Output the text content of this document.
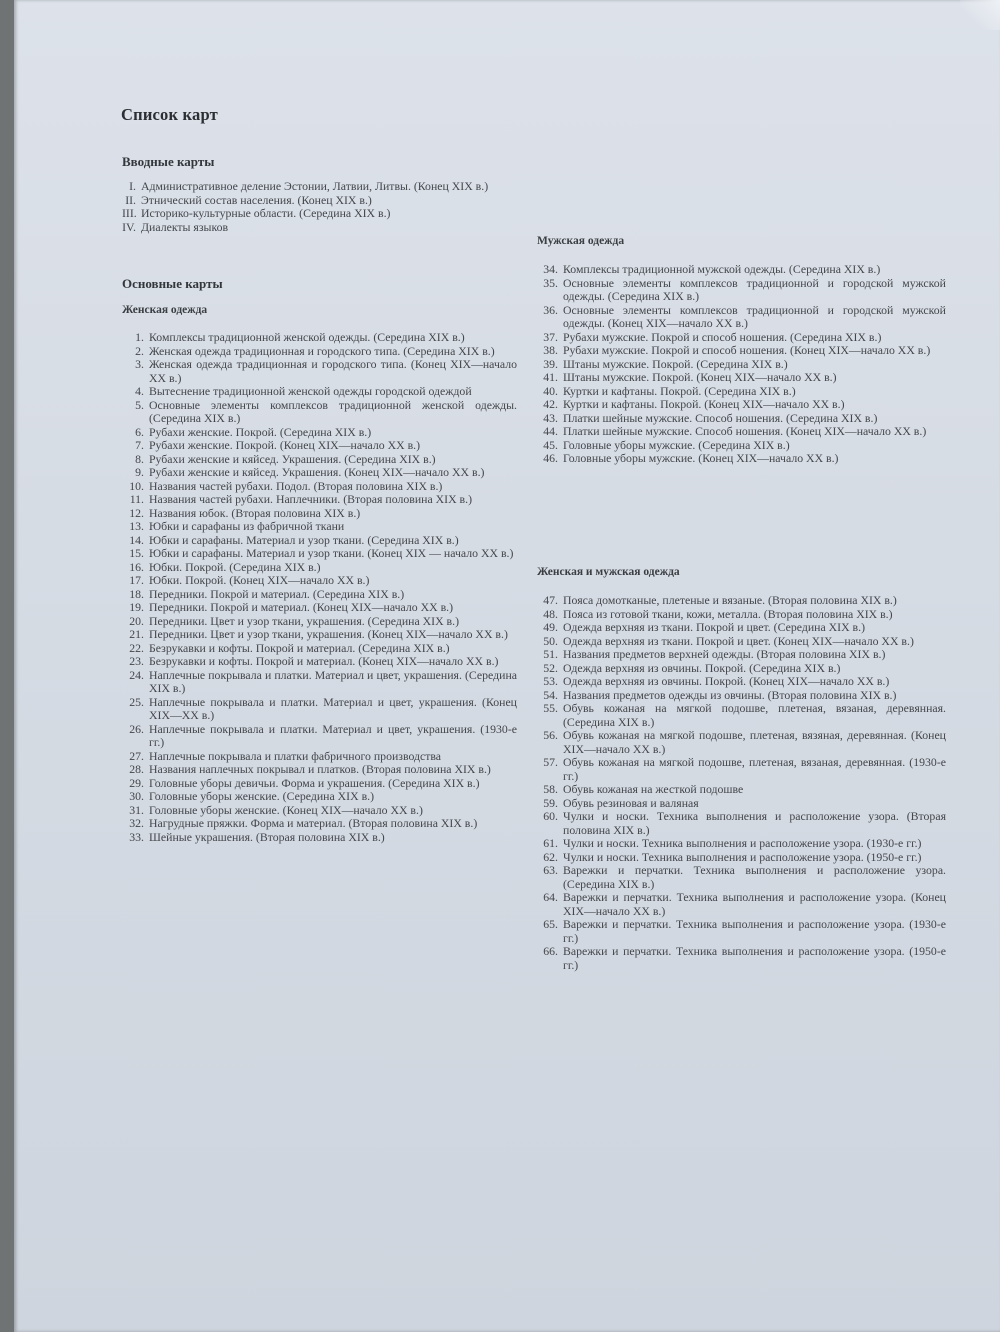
Список карт
Вводные карты
I. Административное деление Эстонии, Латвии, Литвы. (Конец XIX в.)
II. Этнический состав населения. (Конец XIX в.)
III. Историко-культурные области. (Середина XIX в.)
IV. Диалекты языков
Основные карты
Женская одежда
1. Комплексы традиционной женской одежды. (Середина XIX в.)
2. Женская одежда традиционная и городского типа. (Середина XIX в.)
3. Женская одежда традиционная и городского типа. (Конец XIX—начало XX в.)
4. Вытеснение традиционной женской одежды городской одеждой
5. Основные элементы комплексов традиционной женской одежды. (Середина XIX в.)
6. Рубахи женские. Покрой. (Середина XIX в.)
7. Рубахи женские. Покрой. (Конец XIX—начало XX в.)
8. Рубахи женские и кяйсед. Украшения. (Середина XIX в.)
9. Рубахи женские и кяйсед. Украшения. (Конец XIX—начало XX в.)
10. Названия частей рубахи. Подол. (Вторая половина XIX в.)
11. Названия частей рубахи. Наплечники. (Вторая половина XIX в.)
12. Названия юбок. (Вторая половина XIX в.)
13. Юбки и сарафаны из фабричной ткани
14. Юбки и сарафаны. Материал и узор ткани. (Середина XIX в.)
15. Юбки и сарафаны. Материал и узор ткани. (Конец XIX — начало XX в.)
16. Юбки. Покрой. (Середина XIX в.)
17. Юбки. Покрой. (Конец XIX—начало XX в.)
18. Передники. Покрой и материал. (Середина XIX в.)
19. Передники. Покрой и материал. (Конец XIX—начало XX в.)
20. Передники. Цвет и узор ткани, украшения. (Середина XIX в.)
21. Передники. Цвет и узор ткани, украшения. (Конец XIX—начало XX в.)
22. Безрукавки и кофты. Покрой и материал. (Середина XIX в.)
23. Безрукавки и кофты. Покрой и материал. (Конец XIX—начало XX в.)
24. Наплечные покрывала и платки. Материал и цвет, украшения. (Середина XIX в.)
25. Наплечные покрывала и платки. Материал и цвет, украшения. (Конец XIX—XX в.)
26. Наплечные покрывала и платки. Материал и цвет, украшения. (1930-е гг.)
27. Наплечные покрывала и платки фабричного производства
28. Названия наплечных покрывал и платков. (Вторая половина XIX в.)
29. Головные уборы девичьи. Форма и украшения. (Середина XIX в.)
30. Головные уборы женские. (Середина XIX в.)
31. Головные уборы женские. (Конец XIX—начало XX в.)
32. Нагрудные пряжки. Форма и материал. (Вторая половина XIX в.)
33. Шейные украшения. (Вторая половина XIX в.)
Мужская одежда
34. Комплексы традиционной мужской одежды. (Середина XIX в.)
35. Основные элементы комплексов традиционной и городской мужской одежды. (Середина XIX в.)
36. Основные элементы комплексов традиционной и городской мужской одежды. (Конец XIX—начало XX в.)
37. Рубахи мужские. Покрой и способ ношения. (Середина XIX в.)
38. Рубахи мужские. Покрой и способ ношения. (Конец XIX—начало XX в.)
39. Штаны мужские. Покрой. (Середина XIX в.)
41. Штаны мужские. Покрой. (Конец XIX—начало XX в.)
40. Куртки и кафтаны. Покрой. (Середина XIX в.)
42. Куртки и кафтаны. Покрой. (Конец XIX—начало XX в.)
43. Платки шейные мужские. Способ ношения. (Середина XIX в.)
44. Платки шейные мужские. Способ ношения. (Конец XIX—начало XX в.)
45. Головные уборы мужские. (Середина XIX в.)
46. Головные уборы мужские. (Конец XIX—начало XX в.)
Женская и мужская одежда
47. Пояса домотканые, плетеные и вязаные. (Вторая половина XIX в.)
48. Пояса из готовой ткани, кожи, металла. (Вторая половина XIX в.)
49. Одежда верхняя из ткани. Покрой и цвет. (Середина XIX в.)
50. Одежда верхняя из ткани. Покрой и цвет. (Конец XIX—начало XX в.)
51. Названия предметов верхней одежды. (Вторая половина XIX в.)
52. Одежда верхняя из овчины. Покрой. (Середина XIX в.)
53. Одежда верхняя из овчины. Покрой. (Конец XIX—начало XX в.)
54. Названия предметов одежды из овчины. (Вторая половина XIX в.)
55. Обувь кожаная на мягкой подошве, плетеная, вязаная, деревянная. (Середина XIX в.)
56. Обувь кожаная на мягкой подошве, плетеная, вязяная, деревянная. (Конец XIX—начало XX в.)
57. Обувь кожаная на мягкой подошве, плетеная, вязаная, деревянная. (1930-е гг.)
58. Обувь кожаная на жесткой подошве
59. Обувь резиновая и валяная
60. Чулки и носки. Техника выполнения и расположение узора. (Вторая половина XIX в.)
61. Чулки и носки. Техника выполнения и расположение узора. (1930-е гг.)
62. Чулки и носки. Техника выполнения и расположение узора. (1950-е гг.)
63. Варежки и перчатки. Техника выполнения и расположение узора. (Середина XIX в.)
64. Варежки и перчатки. Техника выполнения и расположение узора. (Конец XIX—начало XX в.)
65. Варежки и перчатки. Техника выполнения и расположение узора. (1930-е гг.)
66. Варежки и перчатки. Техника выполнения и расположение узора. (1950-е гг.)
